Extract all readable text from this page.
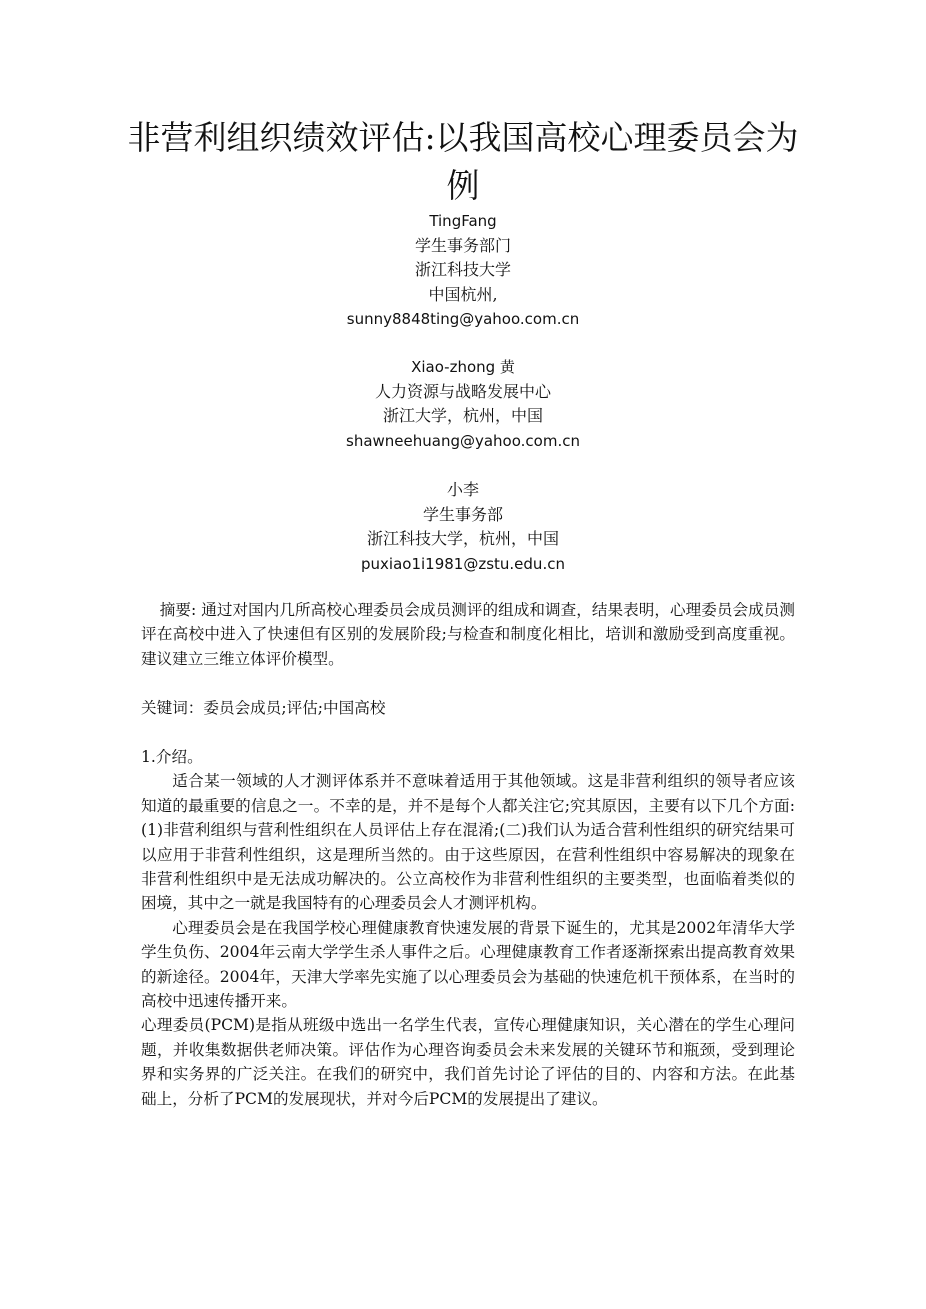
非营利组织绩效评估:以我国高校心理委员会为例
TingFang
学生事务部门
浙江科技大学
中国杭州,
sunny8848ting@yahoo.com.cn
Xiao-zhong 黄
人力资源与战略发展中心
浙江大学，杭州，中国
shawneehuang@yahoo.com.cn
小李
学生事务部
浙江科技大学，杭州，中国
puxiao1i1981@zstu.edu.cn

摘要: 通过对国内几所高校心理委员会成员测评的组成和调查，结果表明，心理委员会成员测评在高校中进入了快速但有区别的发展阶段;与检查和制度化相比，培训和激励受到高度重视。建议建立三维立体评价模型。

关键词：委员会成员;评估;中国高校

1.介绍。

适合某一领域的人才测评体系并不意味着适用于其他领域。这是非营利组织的领导者应该知道的最重要的信息之一。不幸的是，并不是每个人都关注它;究其原因，主要有以下几个方面:(1)非营利组织与营利性组织在人员评估上存在混淆;(二)我们认为适合营利性组织的研究结果可以应用于非营利性组织，这是理所当然的。由于这些原因，在营利性组织中容易解决的现象在非营利性组织中是无法成功解决的。公立高校作为非营利性组织的主要类型，也面临着类似的困境，其中之一就是我国特有的心理委员会人才测评机构。

心理委员会是在我国学校心理健康教育快速发展的背景下诞生的，尤其是2002年清华大学学生负伤、2004年云南大学学生杀人事件之后。心理健康教育工作者逐渐探索出提高教育效果的新途径。2004年，天津大学率先实施了以心理委员会为基础的快速危机干预体系，在当时的高校中迅速传播开来。

心理委员(PCM)是指从班级中选出一名学生代表，宣传心理健康知识，关心潜在的学生心理问题，并收集数据供老师决策。评估作为心理咨询委员会未来发展的关键环节和瓶颈，受到理论界和实务界的广泛关注。在我们的研究中，我们首先讨论了评估的目的、内容和方法。在此基础上，分析了PCM的发展现状，并对今后PCM的发展提出了建议。
